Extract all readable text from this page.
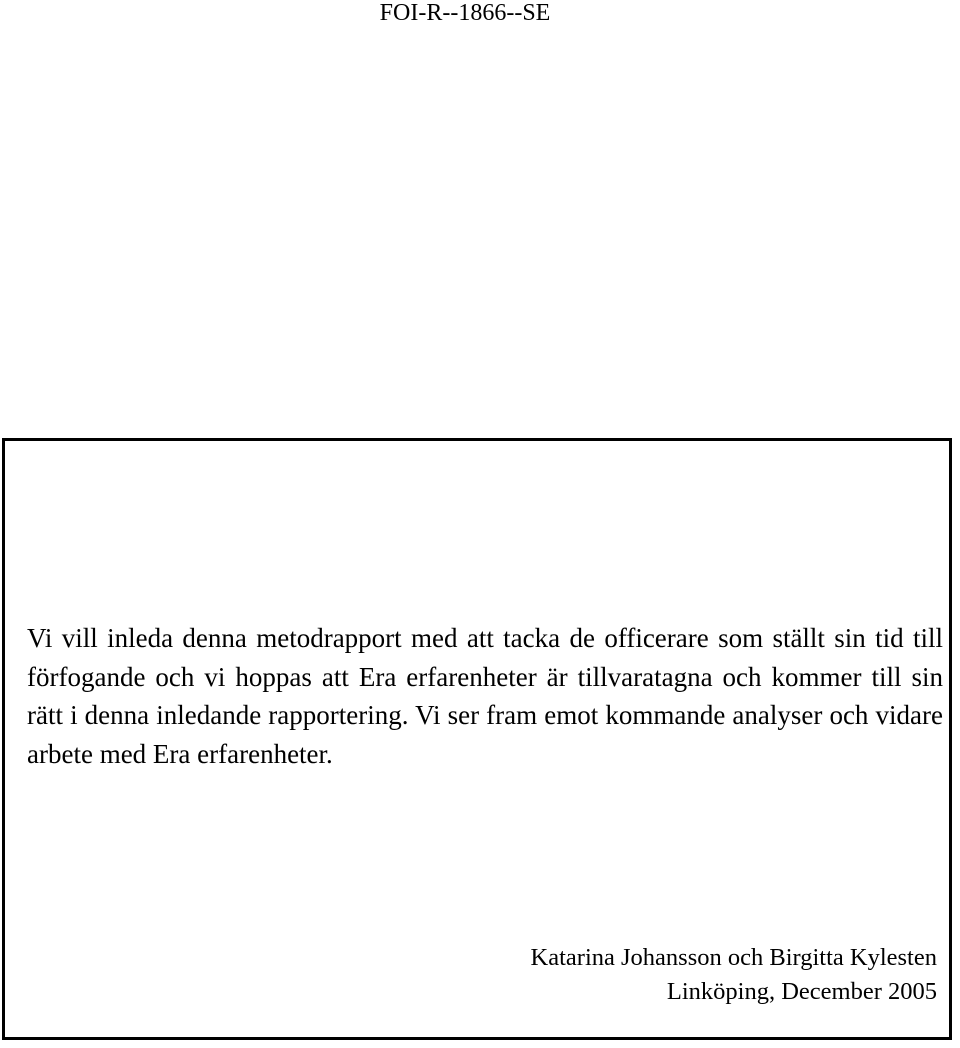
FOI-R--1866--SE

Vi vill inleda denna metodrapport med att tacka de officerare som ställt sin tid till förfogande och vi hoppas att Era erfarenheter är tillvaratagna och kommer till sin rätt i denna inledande rapportering. Vi ser fram emot kommande analyser och vidare arbete med Era erfarenheter.

Katarina Johansson och Birgitta Kylesten
Linköping, December 2005
